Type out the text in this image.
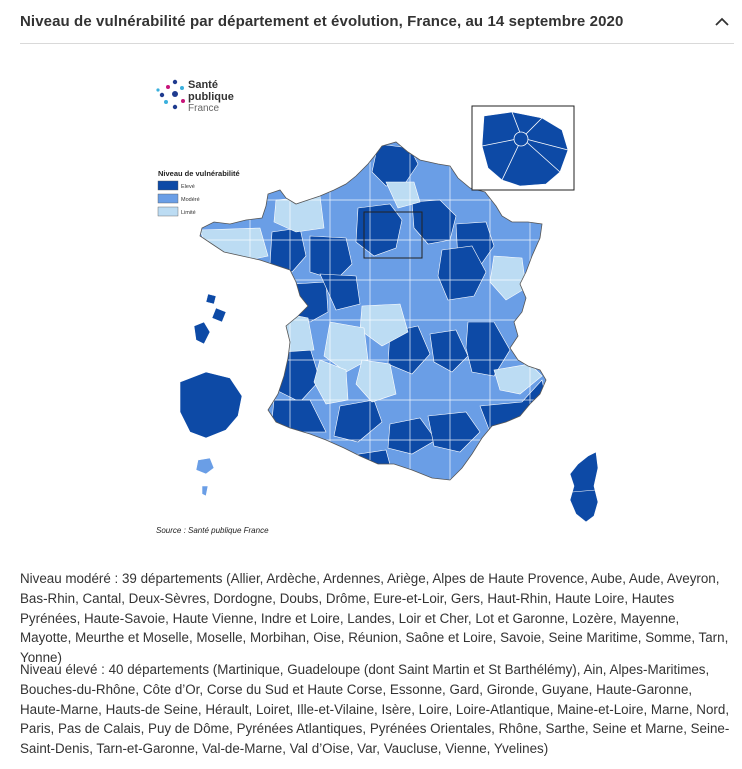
Niveau de vulnérabilité par département et évolution, France, au 14 septembre 2020
Santé
publique
France
Niveau de vulnérabilité
Elevé
Modéré
Limité
Source : Santé publique France

Niveau modéré : 39 départements (Allier, Ardèche, Ardennes, Ariège, Alpes de Haute Provence, Aube, Aude, Aveyron, Bas-Rhin, Cantal, Deux-Sèvres, Dordogne, Doubs, Drôme, Eure-et-Loir, Gers, Haut-Rhin, Haute Loire, Hautes Pyrénées, Haute-Savoie, Haute Vienne, Indre et Loire, Landes, Loir et Cher, Lot et Garonne, Lozère, Mayenne, Mayotte, Meurthe et Moselle, Moselle, Morbihan, Oise, Réunion, Saône et Loire, Savoie, Seine Maritime, Somme, Tarn, Yonne)

Niveau élevé : 40 départements (Martinique, Guadeloupe (dont Saint Martin et St Barthélémy), Ain, Alpes-Maritimes, Bouches-du-Rhône, Côte d’Or, Corse du Sud et Haute Corse, Essonne, Gard, Gironde, Guyane, Haute-Garonne, Haute-Marne, Hauts-de Seine, Hérault, Loiret, Ille-et-Vilaine, Isère, Loire, Loire-Atlantique, Maine-et-Loire, Marne, Nord, Paris, Pas de Calais, Puy de Dôme, Pyrénées Atlantiques, Pyrénées Orientales, Rhône, Sarthe, Seine et Marne, Seine-Saint-Denis, Tarn-et-Garonne, Val-de-Marne, Val d’Oise, Var, Vaucluse, Vienne, Yvelines)
